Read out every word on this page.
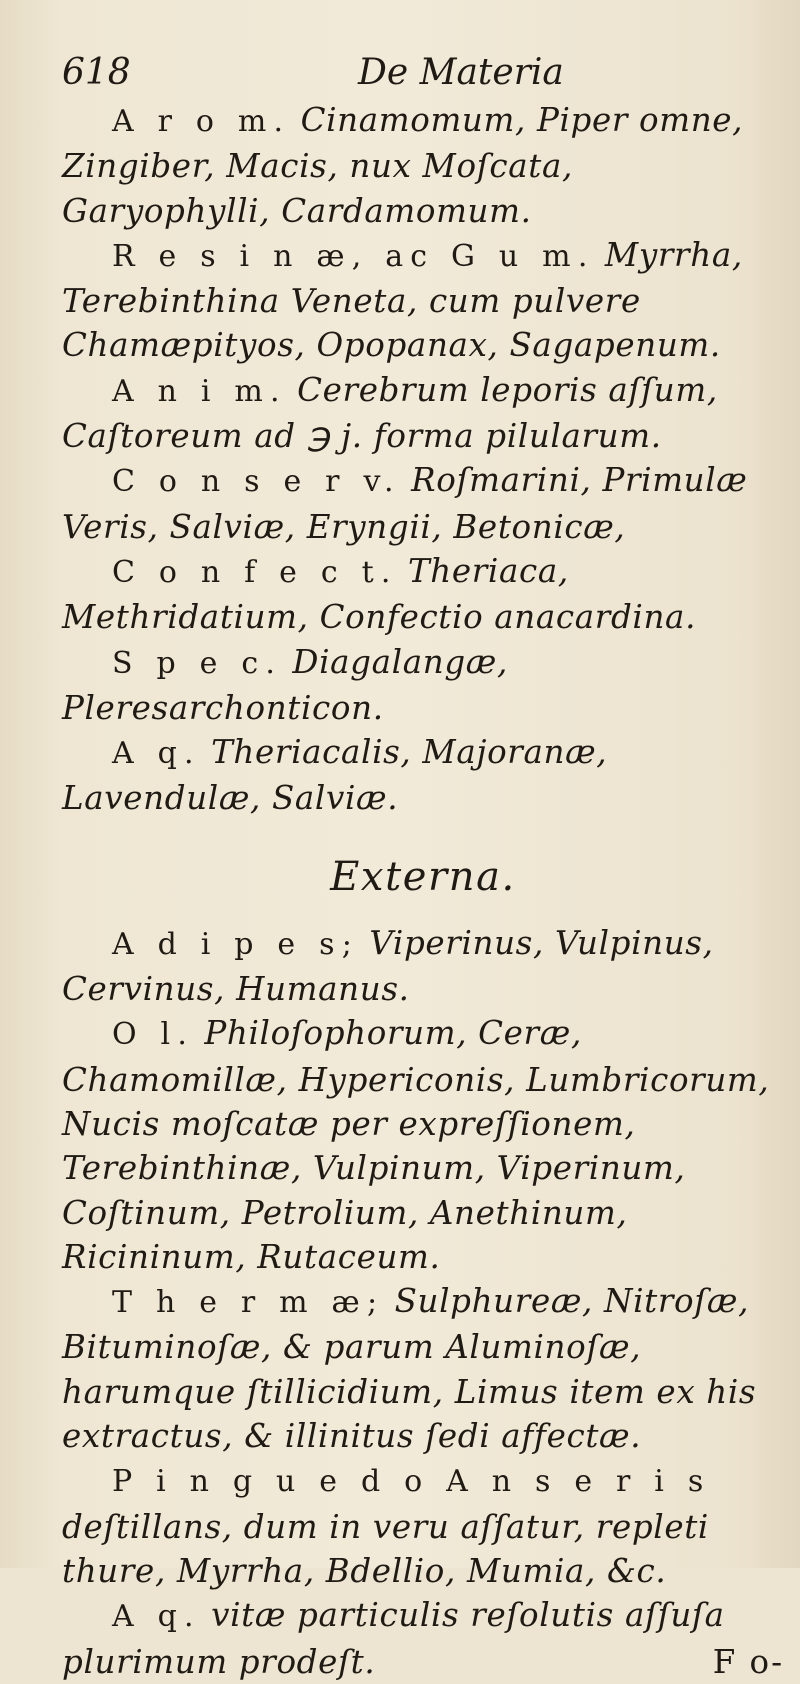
618	De Materia

A r o m. Cinamomum, Piper omne, Zingiber, Macis, nux Moſcata, Garyophylli, Cardamomum.

R e s i n æ, ac G u m. Myrrha, Terebinthina Veneta, cum pulvere Chamæpityos, Opopanax, Sagapenum.

A n i m. Cerebrum leporis aſſum, Caſtoreum ad ℈ j. forma pilularum.

C o n s e r v. Roſmarini, Primulæ Veris, Salviæ, Eryngii, Betonicæ,

C o n f e c t. Theriaca, Methridatium, Confectio anacardina.

S p e c. Diagalangæ, Pleresarchonticon.

A q. Theriacalis, Majoranæ, Lavendulæ, Salviæ.

Externa.

A d i p e s; Viperinus, Vulpinus, Cervinus, Humanus.

O l. Philoſophorum, Ceræ, Chamomillæ, Hypericonis, Lumbricorum, Nucis moſcatæ per expreſſionem, Terebinthinæ, Vulpinum, Viperinum, Coſtinum, Petrolium, Anethinum, Ricininum, Rutaceum.

T h e r m æ; Sulphureæ, Nitroſæ, Bituminoſæ, & parum Aluminoſæ, harumque ſtillicidium, Limus item ex his extractus, & illinitus ſedi affectæ.

P i n g u e d o A n s e r i s deſtillans, dum in veru aſſatur, repleti thure, Myrrha, Bdellio, Mumia, &c.

A q. vitæ particulis reſolutis aſſuſa plurimum prodeſt.	F o-
